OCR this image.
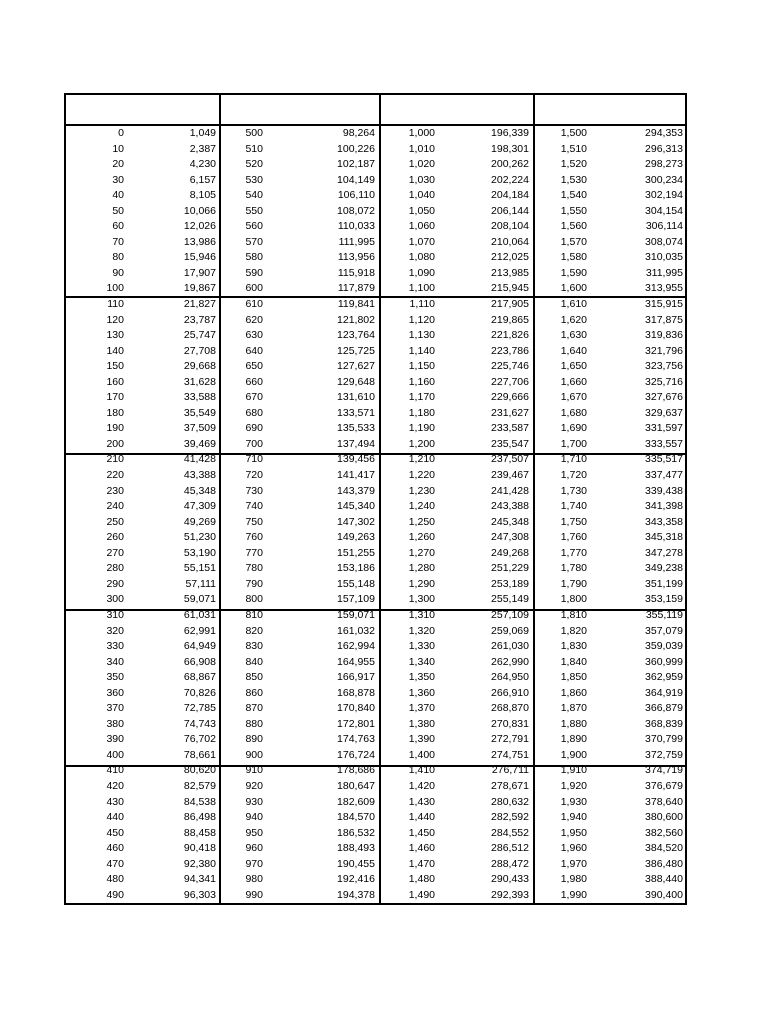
0	1,049
10	2,387
20	4,230
30	6,157
40	8,105
50	10,066
60	12,026
70	13,986
80	15,946
90	17,907
100	19,867
110	21,827
120	23,787
130	25,747
140	27,708
150	29,668
160	31,628
170	33,588
180	35,549
190	37,509
200	39,469
210	41,428
220	43,388
230	45,348
240	47,309
250	49,269
260	51,230
270	53,190
280	55,151
290	57,111
300	59,071
310	61,031
320	62,991
330	64,949
340	66,908
350	68,867
360	70,826
370	72,785
380	74,743
390	76,702
400	78,661
410	80,620
420	82,579
430	84,538
440	86,498
450	88,458
460	90,418
470	92,380
480	94,341
490	96,303
500	98,264
510	100,226
520	102,187
530	104,149
540	106,110
550	108,072
560	110,033
570	111,995
580	113,956
590	115,918
600	117,879
610	119,841
620	121,802
630	123,764
640	125,725
650	127,627
660	129,648
670	131,610
680	133,571
690	135,533
700	137,494
710	139,456
720	141,417
730	143,379
740	145,340
750	147,302
760	149,263
770	151,255
780	153,186
790	155,148
800	157,109
810	159,071
820	161,032
830	162,994
840	164,955
850	166,917
860	168,878
870	170,840
880	172,801
890	174,763
900	176,724
910	178,686
920	180,647
930	182,609
940	184,570
950	186,532
960	188,493
970	190,455
980	192,416
990	194,378
1,000	196,339
1,010	198,301
1,020	200,262
1,030	202,224
1,040	204,184
1,050	206,144
1,060	208,104
1,070	210,064
1,080	212,025
1,090	213,985
1,100	215,945
1,110	217,905
1,120	219,865
1,130	221,826
1,140	223,786
1,150	225,746
1,160	227,706
1,170	229,666
1,180	231,627
1,190	233,587
1,200	235,547
1,210	237,507
1,220	239,467
1,230	241,428
1,240	243,388
1,250	245,348
1,260	247,308
1,270	249,268
1,280	251,229
1,290	253,189
1,300	255,149
1,310	257,109
1,320	259,069
1,330	261,030
1,340	262,990
1,350	264,950
1,360	266,910
1,370	268,870
1,380	270,831
1,390	272,791
1,400	274,751
1,410	276,711
1,420	278,671
1,430	280,632
1,440	282,592
1,450	284,552
1,460	286,512
1,470	288,472
1,480	290,433
1,490	292,393
1,500	294,353
1,510	296,313
1,520	298,273
1,530	300,234
1,540	302,194
1,550	304,154
1,560	306,114
1,570	308,074
1,580	310,035
1,590	311,995
1,600	313,955
1,610	315,915
1,620	317,875
1,630	319,836
1,640	321,796
1,650	323,756
1,660	325,716
1,670	327,676
1,680	329,637
1,690	331,597
1,700	333,557
1,710	335,517
1,720	337,477
1,730	339,438
1,740	341,398
1,750	343,358
1,760	345,318
1,770	347,278
1,780	349,238
1,790	351,199
1,800	353,159
1,810	355,119
1,820	357,079
1,830	359,039
1,840	360,999
1,850	362,959
1,860	364,919
1,870	366,879
1,880	368,839
1,890	370,799
1,900	372,759
1,910	374,719
1,920	376,679
1,930	378,640
1,940	380,600
1,950	382,560
1,960	384,520
1,970	386,480
1,980	388,440
1,990	390,400
